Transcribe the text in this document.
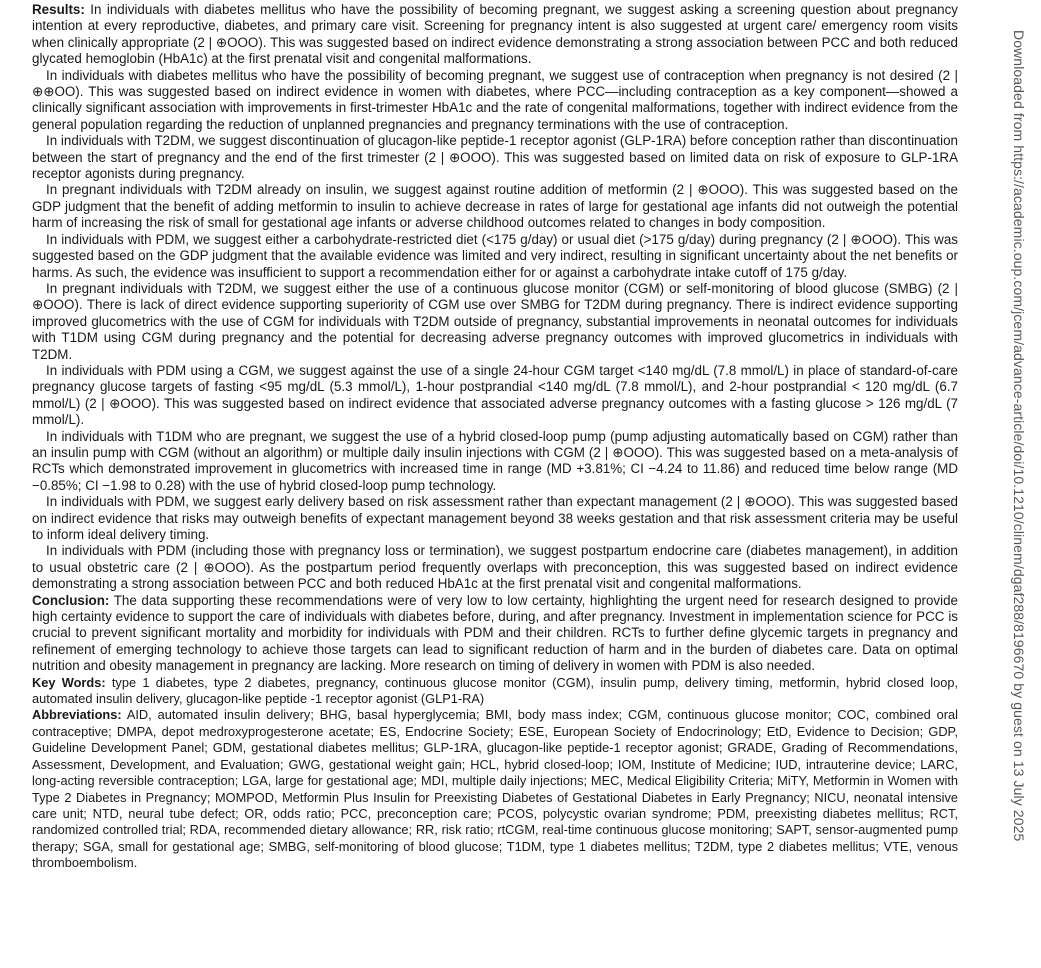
Results: In individuals with diabetes mellitus who have the possibility of becoming pregnant, we suggest asking a screening question about pregnancy intention at every reproductive, diabetes, and primary care visit. Screening for pregnancy intent is also suggested at urgent care/ emergency room visits when clinically appropriate (2 | ⊕OOO). This was suggested based on indirect evidence demonstrating a strong association between PCC and both reduced glycated hemoglobin (HbA1c) at the first prenatal visit and congenital malformations.

In individuals with diabetes mellitus who have the possibility of becoming pregnant, we suggest use of contraception when pregnancy is not desired (2 | ⊕⊕OO). This was suggested based on indirect evidence in women with diabetes, where PCC—including contraception as a key component—showed a clinically significant association with improvements in first-trimester HbA1c and the rate of congenital malformations, together with indirect evidence from the general population regarding the reduction of unplanned pregnancies and pregnancy terminations with the use of contraception.

In individuals with T2DM, we suggest discontinuation of glucagon-like peptide-1 receptor agonist (GLP-1RA) before conception rather than discontinuation between the start of pregnancy and the end of the first trimester (2 | ⊕OOO). This was suggested based on limited data on risk of exposure to GLP-1RA receptor agonists during pregnancy.

In pregnant individuals with T2DM already on insulin, we suggest against routine addition of metformin (2 | ⊕OOO). This was suggested based on the GDP judgment that the benefit of adding metformin to insulin to achieve decrease in rates of large for gestational age infants did not outweigh the potential harm of increasing the risk of small for gestational age infants or adverse childhood outcomes related to changes in body composition.

In individuals with PDM, we suggest either a carbohydrate-restricted diet (<175 g/day) or usual diet (>175 g/day) during pregnancy (2 | ⊕OOO). This was suggested based on the GDP judgment that the available evidence was limited and very indirect, resulting in significant uncertainty about the net benefits or harms. As such, the evidence was insufficient to support a recommendation either for or against a carbohydrate intake cutoff of 175 g/day.

In pregnant individuals with T2DM, we suggest either the use of a continuous glucose monitor (CGM) or self-monitoring of blood glucose (SMBG) (2 | ⊕OOO). There is lack of direct evidence supporting superiority of CGM use over SMBG for T2DM during pregnancy. There is indirect evidence supporting improved glucometrics with the use of CGM for individuals with T2DM outside of pregnancy, substantial improvements in neonatal outcomes for individuals with T1DM using CGM during pregnancy and the potential for decreasing adverse pregnancy outcomes with improved glucometrics in individuals with T2DM.

In individuals with PDM using a CGM, we suggest against the use of a single 24-hour CGM target <140 mg/dL (7.8 mmol/L) in place of standard-of-care pregnancy glucose targets of fasting <95 mg/dL (5.3 mmol/L), 1-hour postprandial <140 mg/dL (7.8 mmol/L), and 2-hour postprandial < 120 mg/dL (6.7 mmol/L) (2 | ⊕OOO). This was suggested based on indirect evidence that associated adverse pregnancy outcomes with a fasting glucose > 126 mg/dL (7 mmol/L).

In individuals with T1DM who are pregnant, we suggest the use of a hybrid closed-loop pump (pump adjusting automatically based on CGM) rather than an insulin pump with CGM (without an algorithm) or multiple daily insulin injections with CGM (2 | ⊕OOO). This was suggested based on a meta-analysis of RCTs which demonstrated improvement in glucometrics with increased time in range (MD +3.81%; CI −4.24 to 11.86) and reduced time below range (MD −0.85%; CI −1.98 to 0.28) with the use of hybrid closed-loop pump technology.

In individuals with PDM, we suggest early delivery based on risk assessment rather than expectant management (2 | ⊕OOO). This was suggested based on indirect evidence that risks may outweigh benefits of expectant management beyond 38 weeks gestation and that risk assessment criteria may be useful to inform ideal delivery timing.

In individuals with PDM (including those with pregnancy loss or termination), we suggest postpartum endocrine care (diabetes management), in addition to usual obstetric care (2 | ⊕OOO). As the postpartum period frequently overlaps with preconception, this was suggested based on indirect evidence demonstrating a strong association between PCC and both reduced HbA1c at the first prenatal visit and congenital malformations.

Conclusion: The data supporting these recommendations were of very low to low certainty, highlighting the urgent need for research designed to provide high certainty evidence to support the care of individuals with diabetes before, during, and after pregnancy. Investment in implementation science for PCC is crucial to prevent significant mortality and morbidity for individuals with PDM and their children. RCTs to further define glycemic targets in pregnancy and refinement of emerging technology to achieve those targets can lead to significant reduction of harm and in the burden of diabetes care. Data on optimal nutrition and obesity management in pregnancy are lacking. More research on timing of delivery in women with PDM is also needed.

Key Words: type 1 diabetes, type 2 diabetes, pregnancy, continuous glucose monitor (CGM), insulin pump, delivery timing, metformin, hybrid closed loop, automated insulin delivery, glucagon-like peptide -1 receptor agonist (GLP1-RA)

Abbreviations: AID, automated insulin delivery; BHG, basal hyperglycemia; BMI, body mass index; CGM, continuous glucose monitor; COC, combined oral contraceptive; DMPA, depot medroxyprogesterone acetate; ES, Endocrine Society; ESE, European Society of Endocrinology; EtD, Evidence to Decision; GDP, Guideline Development Panel; GDM, gestational diabetes mellitus; GLP-1RA, glucagon-like peptide-1 receptor agonist; GRADE, Grading of Recommendations, Assessment, Development, and Evaluation; GWG, gestational weight gain; HCL, hybrid closed-loop; IOM, Institute of Medicine; IUD, intrauterine device; LARC, long-acting reversible contraception; LGA, large for gestational age; MDI, multiple daily injections; MEC, Medical Eligibility Criteria; MiTY, Metformin in Women with Type 2 Diabetes in Pregnancy; MOMPOD, Metformin Plus Insulin for Preexisting Diabetes of Gestational Diabetes in Early Pregnancy; NICU, neonatal intensive care unit; NTD, neural tube defect; OR, odds ratio; PCC, preconception care; PCOS, polycystic ovarian syndrome; PDM, preexisting diabetes mellitus; RCT, randomized controlled trial; RDA, recommended dietary allowance; RR, risk ratio; rtCGM, real-time continuous glucose monitoring; SAPT, sensor-augmented pump therapy; SGA, small for gestational age; SMBG, self-monitoring of blood glucose; T1DM, type 1 diabetes mellitus; T2DM, type 2 diabetes mellitus; VTE, venous thromboembolism.

Downloaded from https://academic.oup.com/jcem/advance-article/doi/10.1210/clinem/dgaf288/8196670 by guest on 13 July 2025
